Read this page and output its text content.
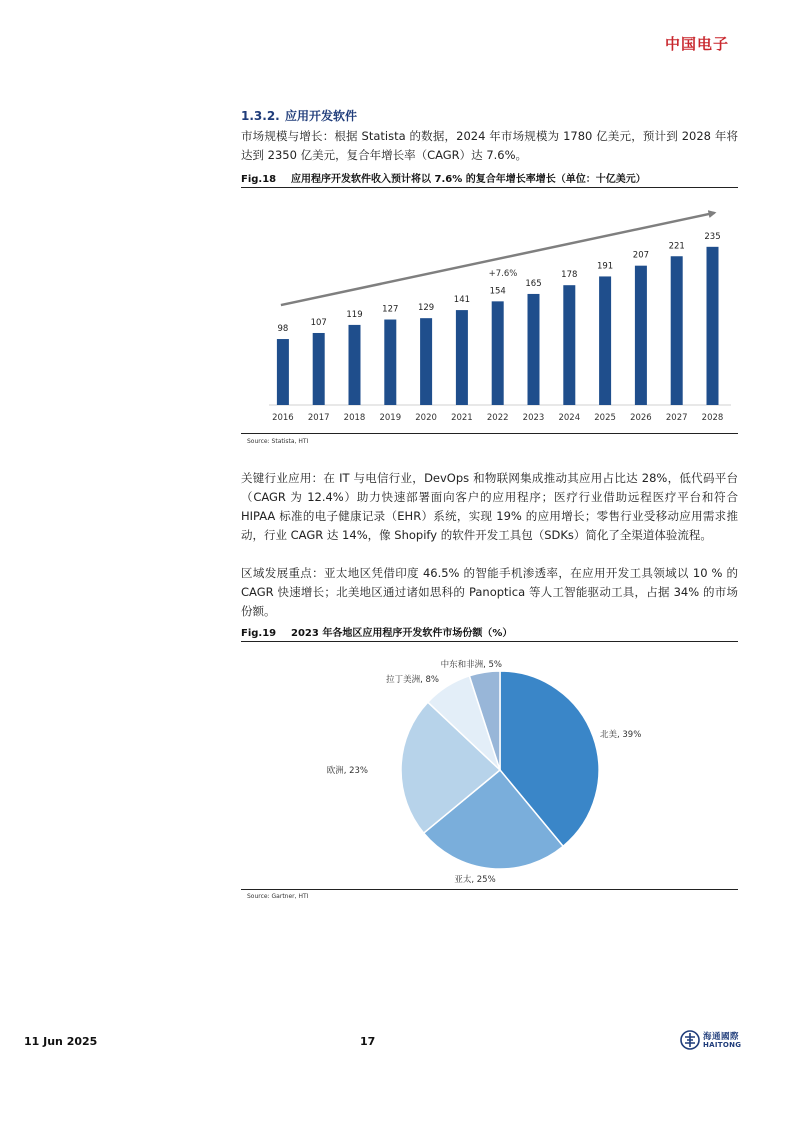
中国电子
1.3.2. 应用开发软件

市场规模与增长：根据 Statista 的数据，2024 年市场规模为 1780 亿美元，预计到 2028 年将达到 2350 亿美元，复合年增长率（CAGR）达 7.6%。

Fig.18 应用程序开发软件收入预计将以 7.6% 的复合年增长率增长（单位：十亿美元）
98
2016
107
2017
119
2018
127
2019
129
2020
141
2021
154
2022
165
2023
178
2024
191
2025
207
2026
221
2027
235
2028
+7.6%
Source: Statista, HTI

关键行业应用：在 IT 与电信行业，DevOps 和物联网集成推动其应用占比达 28%，低代码平台（CAGR 为 12.4%）助力快速部署面向客户的应用程序；医疗行业借助远程医疗平台和符合 HIPAA 标准的电子健康记录（EHR）系统，实现 19% 的应用增长；零售行业受移动应用需求推动，行业 CAGR 达 14%，像 Shopify 的软件开发工具包（SDKs）简化了全渠道体验流程。

区域发展重点：亚太地区凭借印度 46.5% 的智能手机渗透率，在应用开发工具领域以 10 % 的 CAGR 快速增长；北美地区通过诸如思科的 Panoptica 等人工智能驱动工具，占据 34% 的市场份额。

Fig.19 2023 年各地区应用程序开发软件市场份额（%）
北美, 39%
亚太, 25%
欧洲, 23%
拉丁美洲, 8%
中东和非洲, 5%
Source: Gartner, HTI
11 Jun 2025	17	海通國際
HAITONG
